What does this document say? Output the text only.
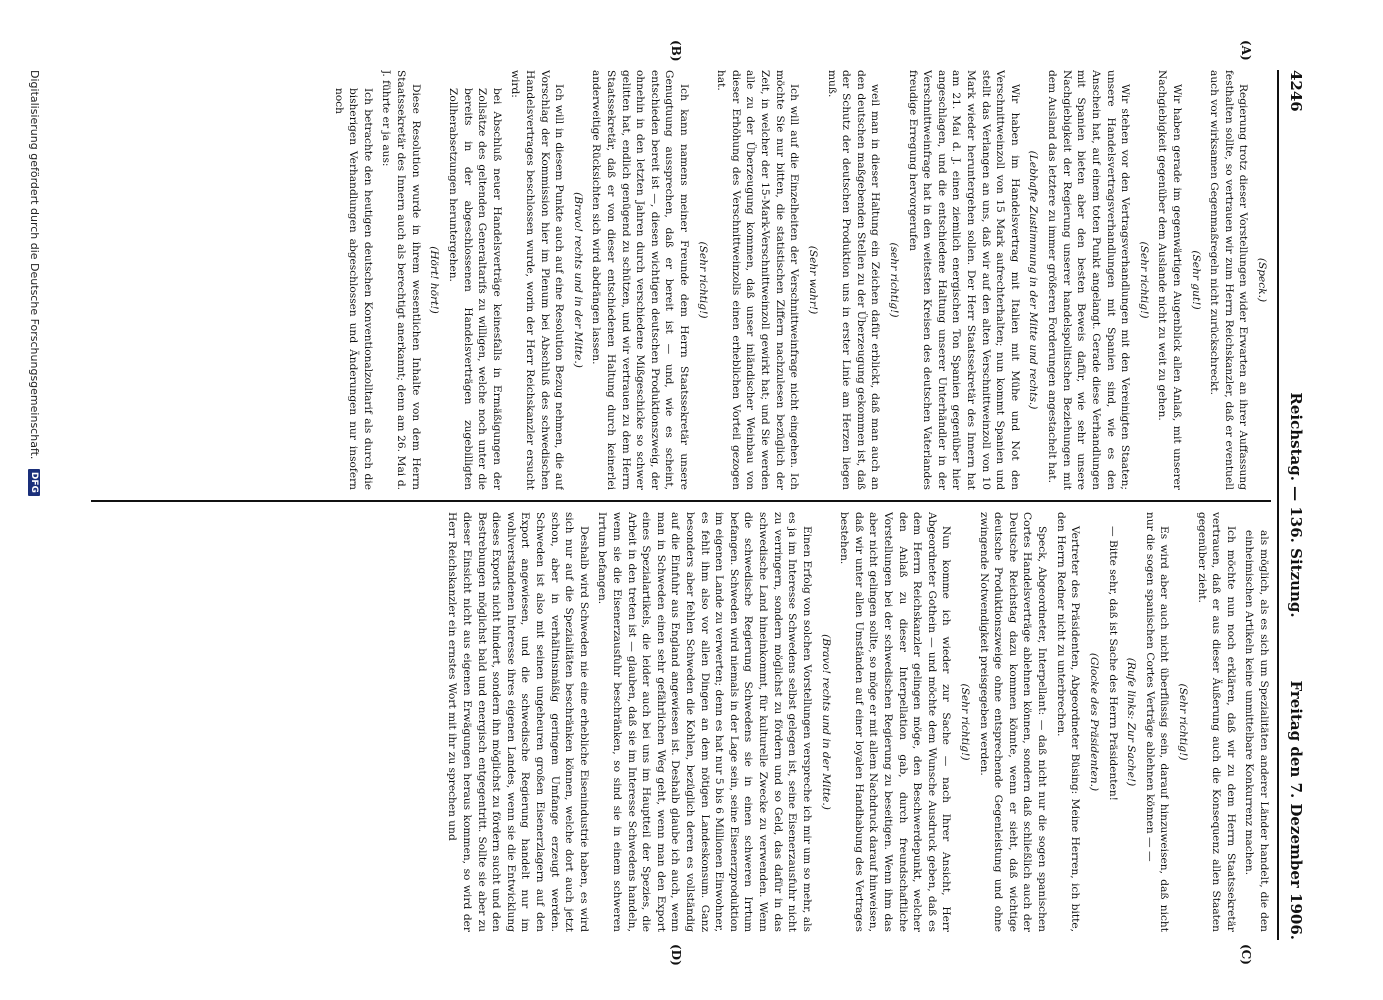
4246
Reichstag. — 136. Sitzung.
Freitag den 7. Dezember 1906.
(A)
(B)
(C)
(D)

(Speck.)

Regierung trotz dieser Vorstellungen wider Erwarten an ihrer Auffassung festhalten sollte, so vertrauen wir zum Herrn Reichskanzler, daß er eventuell auch vor wirksamen Gegenmaßregeln nicht zurückschreckt.

(Sehr gut!)

Wir haben gerade im gegenwärtigen Augenblick allen Anlaß, mit unserer Nachgiebigkeit gegenüber dem Auslande nicht zu weit zu gehen.

(Sehr richtig!)

Wir stehen vor den Vertragsverhandlungen mit den Vereinigten Staaten; unsere Handelsvertragsverhandlungen mit Spanien sind, wie es den Anschein hat, auf einem toten Punkt angelangt. Gerade diese Verhandlungen mit Spanien bieten aber den besten Beweis dafür, wie sehr unsere Nachgiebigkeit der Regierung unserer handelspolitischen Beziehungen mit dem Ausland das letztere zu immer größeren Forderungen angestachelt hat.

(Lebhafte Zustimmung in der Mitte und rechts.)

Wir haben im Handelsvertrag mit Italien mit Mühe und Not den Verschnittweinzoll von 15 Mark aufrechterhalten; nun kommt Spanien und stellt das Verlangen an uns, daß wir auf den alten Verschnittweinzoll von 10 Mark wieder heruntergehen sollen. Der Herr Staatssekretär des Innern hat am 21. Mai d. J. einen ziemlich energischen Ton Spanien gegenüber hier angeschlagen, und die entschiedene Haltung unserer Unterhändler in der Verschnittweinfrage hat in den weitesten Kreisen des deutschen Vaterlandes freudige Erregung hervorgerufen

(sehr richtig!)

weil man in dieser Haltung ein Zeichen dafür erblickt, daß man auch an den deutschen maßgebenden Stellen zu der Überzeugung gekommen ist, daß der Schutz der deutschen Produktion uns in erster Linie am Herzen liegen muß.

(Sehr wahr!)

Ich will auf die Einzelheiten der Verschnittweinfrage nicht eingehen. Ich möchte Sie nur bitten, die statistischen Ziffern nachzulesen bezüglich der Zeit, in welcher der 15-Mark-Verschnittweinzoll gewirkt hat; und Sie werden alle zu der Überzeugung kommen, daß unser inländischer Weinbau von dieser Erhöhung des Verschnittweinzolls einen erheblichen Vorteil gezogen hat.

(Sehr richtig!)

Ich kann namens meiner Freunde dem Herrn Staatssekretär unsere Genugtuung aussprechen, daß er bereit ist — und, wie es scheint, entschieden bereit ist —, diesen wichtigen deutschen Produktionszweig, der ohnehin in den letzten Jahren durch verschiedene Mißgeschicke so schwer gelitten hat, endlich genügend zu schützen, und wir vertrauen zu dem Herrn Staatssekretär, daß er von dieser entschiedenen Haltung durch keinerlei anderweitige Rücksichten sich wird abdrängen lassen.

(Bravo! rechts und in der Mitte.)

Ich will in diesem Punkte auch auf eine Resolution Bezug nehmen, die auf Vorschlag der Kommission hier im Plenum bei Abschluß des schwedischen Handelsvertrages beschlossen wurde, worin der Herr Reichskanzler ersucht wird:

bei Abschluß neuer Handelsverträge keinesfalls in Ermäßigungen der Zollsätze des geltenden Generaltarifs zu willigen, welche noch unter die bereits in der abgeschlossenen Handelsverträgen zugebilligten Zollherabsetzungen heruntergehen.

(Hört! hört!)

Diese Resolution wurde in ihrem wesentlichen Inhalte von dem Herrn Staatssekretär des Innern auch als berechtigt anerkannt; denn am 26. Mai d. J. führte er ja aus:

Ich betrachte den heutigen deutschen Konventionalzolltarif als durch die bisherigen Verhandlungen abgeschlossen und Änderungen nur insofern noch

als möglich, als es sich um Spezialitäten anderer Länder handelt, die den einheimischen Artikeln keine unmittelbare Konkurrenz machen.

Ich möchte nun noch erklären, daß wir zu dem Herrn Staatssekretär vertrauen, daß er aus dieser Äußerung auch die Konsequenz allen Staaten gegenüber zieht.

(Sehr richtig!)

Es wird aber auch nicht überflüssig sein, darauf hinzuweisen, daß nicht nur die sogen spanischen Cortes Verträge ablehnen können — —

(Rufe links: Zur Sache!)

— Bitte sehr, daß ist Sache des Herrn Präsidenten!

(Glocke des Präsidenten.)

Vertreter des Präsidenten, Abgeordneter Büsing: Meine Herren, ich bitte, den Herrn Redner nicht zu unterbrechen.

Speck, Abgeordneter, Interpellant: — daß nicht nur die sogen spanischen Cortes Handelsverträge ablehnen können, sondern daß schließlich auch der Deutsche Reichstag dazu kommen könnte, wenn er sieht, daß wichtige deutsche Produktionszweige ohne entsprechende Gegenleistung und ohne zwingende Notwendigkeit preisgegeben werden.

(Sehr richtig!)

Nun komme ich wieder zur Sache — nach Ihrer Ansicht, Herr Abgeordneter Gothein — und möchte dem Wunsche Ausdruck geben, daß es dem Herrn Reichskanzler gelingen möge, den Beschwerdepunkt, welcher den Anlaß zu dieser Interpellation gab, durch freundschaftliche Vorstellungen bei der schwedischen Regierung zu beseitigen. Wenn ihm das aber nicht gelingen sollte, so möge er mit allem Nachdruck darauf hinweisen, daß wir unter allen Umständen auf einer loyalen Handhabung des Vertrages bestehen.

(Bravo! rechts und in der Mitte.)

Einen Erfolg von solchen Vorstellungen verspreche ich mir um so mehr, als es ja im Interesse Schwedens selbst gelegen ist, seine Eisenerzausfuhr nicht zu verringern, sondern möglichst zu fördern und so Geld, das dafür in das schwedische Land hineinkommt, für kulturelle Zwecke zu verwenden. Wenn die schwedische Regierung Schwedens sie in einen schweren Irrtum befangen. Schweden wird niemals in der Lage sein, seine Eisenerzproduktion im eigenen Lande zu verwerten; denn es hat nur 5 bis 6 Millionen Einwohner, es fehlt ihm also vor allen Dingen an dem nötigen Landeskonsum. Ganz besonders aber fehlen Schweden die Kohlen, bezüglich deren es vollständig auf die Einfuhr aus England angewiesen ist. Deshalb glaube ich auch, wenn man in Schweden einen sehr gefährlichen Weg geht, wenn man den Export eines Spezialartikels, die leider auch bei uns im Hauptteil der Spezies, die Arbeit in den treten ist — glauben, daß sie im Interesse Schwedens handeln, wenn sie die Eisenerzausfuhr beschränken, so sind sie in einem schweren Irrtum befangen.

Deshalb wird Schweden nie eine erhebliche Eisenindustrie haben, es wird sich nur auf die Spezialitäten beschränken können, welche dort auch jetzt schon, aber in verhältnismäßig geringem Umfange erzeugt werden. Schweden ist also mit seinen ungeheuren großen Eisenerzlagern auf den Export angewiesen, und die schwedische Regierung handelt nur im wohlverstandenen Interesse ihres eigenen Landes, wenn sie die Entwicklung dieses Exports nicht hindert, sondern ihn möglichst zu fördern sucht und den Bestrebungen möglichst bald und energisch entgegentritt. Sollte sie aber zu dieser Einsicht nicht aus eigenen Erwägungen heraus kommen, so wird der Herr Reichskanzler ein ernstes Wort mit ihr zu sprechen und

Digitalisierung gefördert durch die Deutsche Forschungsgemeinschaft. DFG
